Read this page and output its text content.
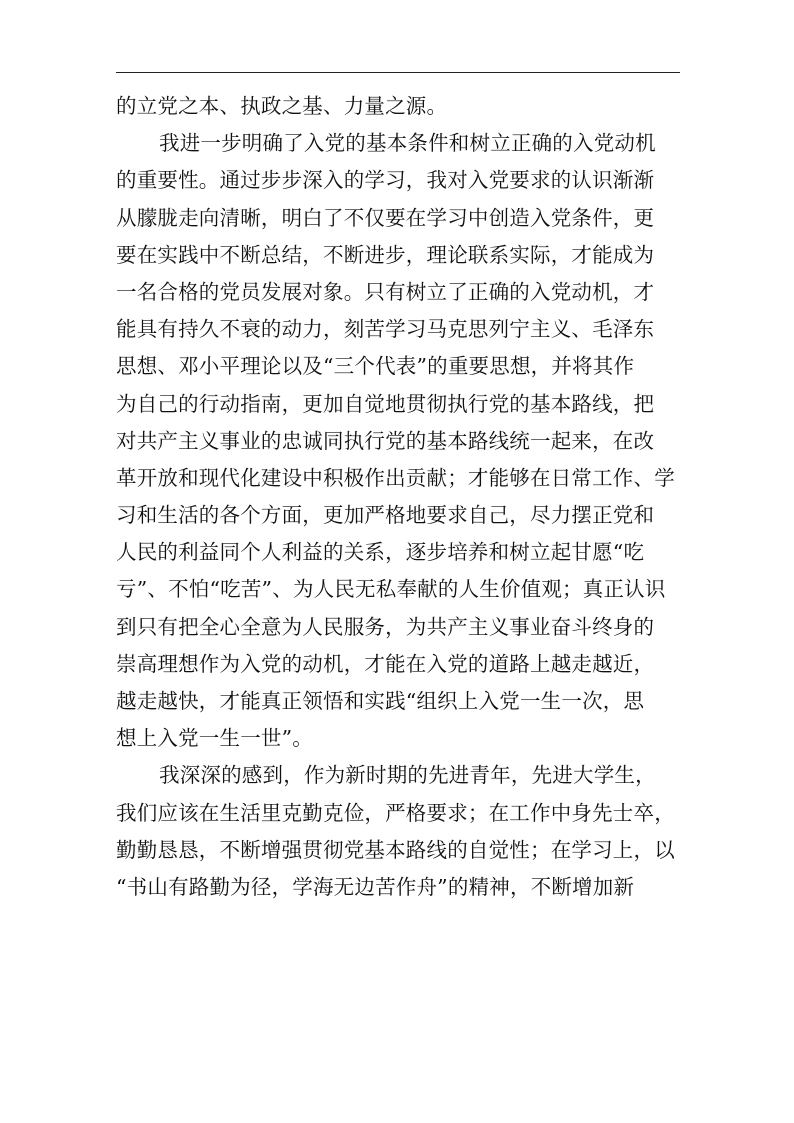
的立党之本、执政之基、力量之源。
我进一步明确了入党的基本条件和树立正确的入党动机
的重要性。通过步步深入的学习，我对入党要求的认识渐渐
从朦胧走向清晰，明白了不仅要在学习中创造入党条件，更
要在实践中不断总结，不断进步，理论联系实际，才能成为
一名合格的党员发展对象。只有树立了正确的入党动机，才
能具有持久不衰的动力，刻苦学习马克思列宁主义、毛泽东
思想、邓小平理论以及“三个代表”的重要思想，并将其作
为自己的行动指南，更加自觉地贯彻执行党的基本路线，把
对共产主义事业的忠诚同执行党的基本路线统一起来，在改
革开放和现代化建设中积极作出贡献；才能够在日常工作、学
习和生活的各个方面，更加严格地要求自己，尽力摆正党和
人民的利益同个人利益的关系，逐步培养和树立起甘愿“吃
亏”、不怕“吃苦”、为人民无私奉献的人生价值观；真正认识
到只有把全心全意为人民服务，为共产主义事业奋斗终身的
崇高理想作为入党的动机，才能在入党的道路上越走越近，
越走越快，才能真正领悟和实践“组织上入党一生一次，思
想上入党一生一世”。
我深深的感到，作为新时期的先进青年，先进大学生，
我们应该在生活里克勤克俭，严格要求；在工作中身先士卒，
勤勤恳恳，不断增强贯彻党基本路线的自觉性；在学习上，以
“书山有路勤为径，学海无边苦作舟”的精神，不断增加新
